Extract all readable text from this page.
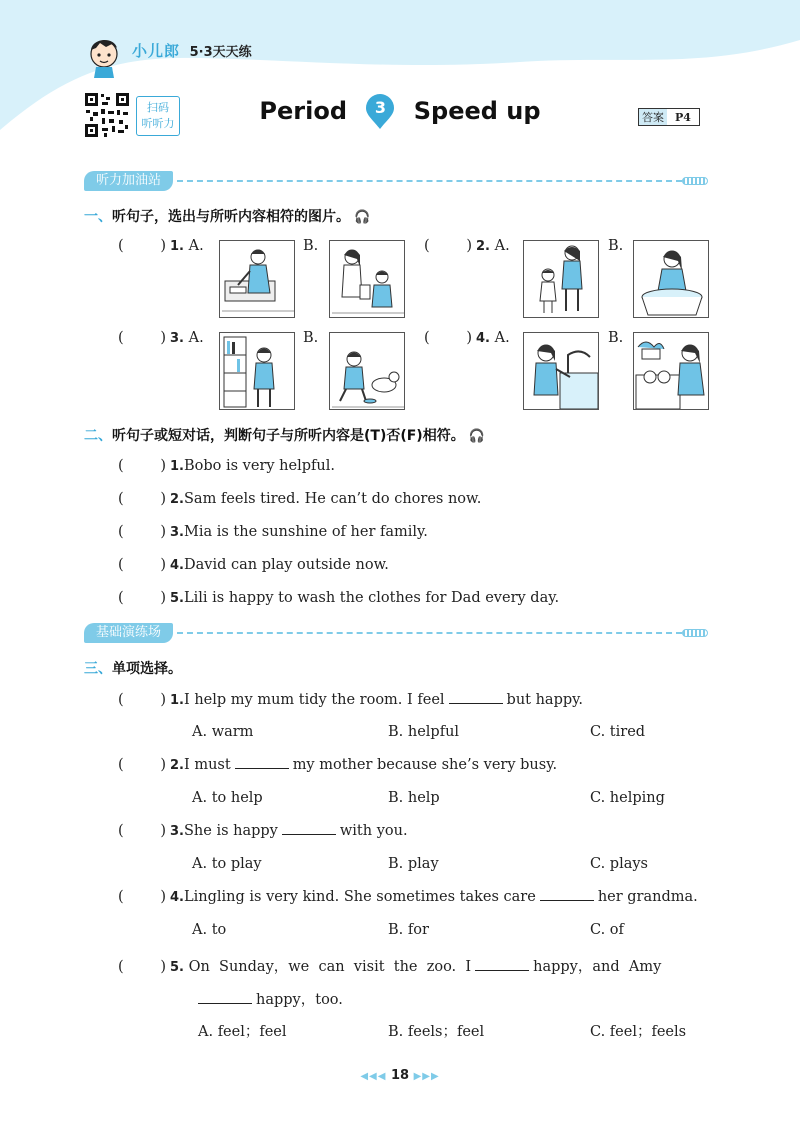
小儿郎 5·3天天练
扫码
听听力	Period	3	Speed up	答案	P4
听力加油站
一、听句子，选出与所听内容相符的图片。 🎧
( )1. A.	B. ( )	2. A.	B.
( )3. A.	B. ( )	4. A.	B.
二、听句子或短对话，判断句子与所听内容是(T)否(F)相符。 🎧
( )1.Bobo is very helpful.
( )2.Sam feels tired. He can’t do chores now.
( )3.Mia is the sunshine of her family.
( )4.David can play outside now.
( )5.Lili is happy to wash the clothes for Dad every day.
基础演练场
三、单项选择。
( )1.I help my mum tidy the room. I feel	but happy.
A. warm	B. helpful	C. tired
( )2.I must	my mother because she’s very busy.
A. to help	B. help	C. helping
( )3.She is happy	with you.
A. to play	B. play	C. plays
( )4.Lingling is very kind. She sometimes takes care	her grandma.
A. to	B. for	C. of
( )5. On  Sunday，we  can  visit  the  zoo.  I	happy，and  Amy
happy，too.
A. feel；feel	B. feels；feel	C. feel；feels
◀◀◀ 18 ▶▶▶
